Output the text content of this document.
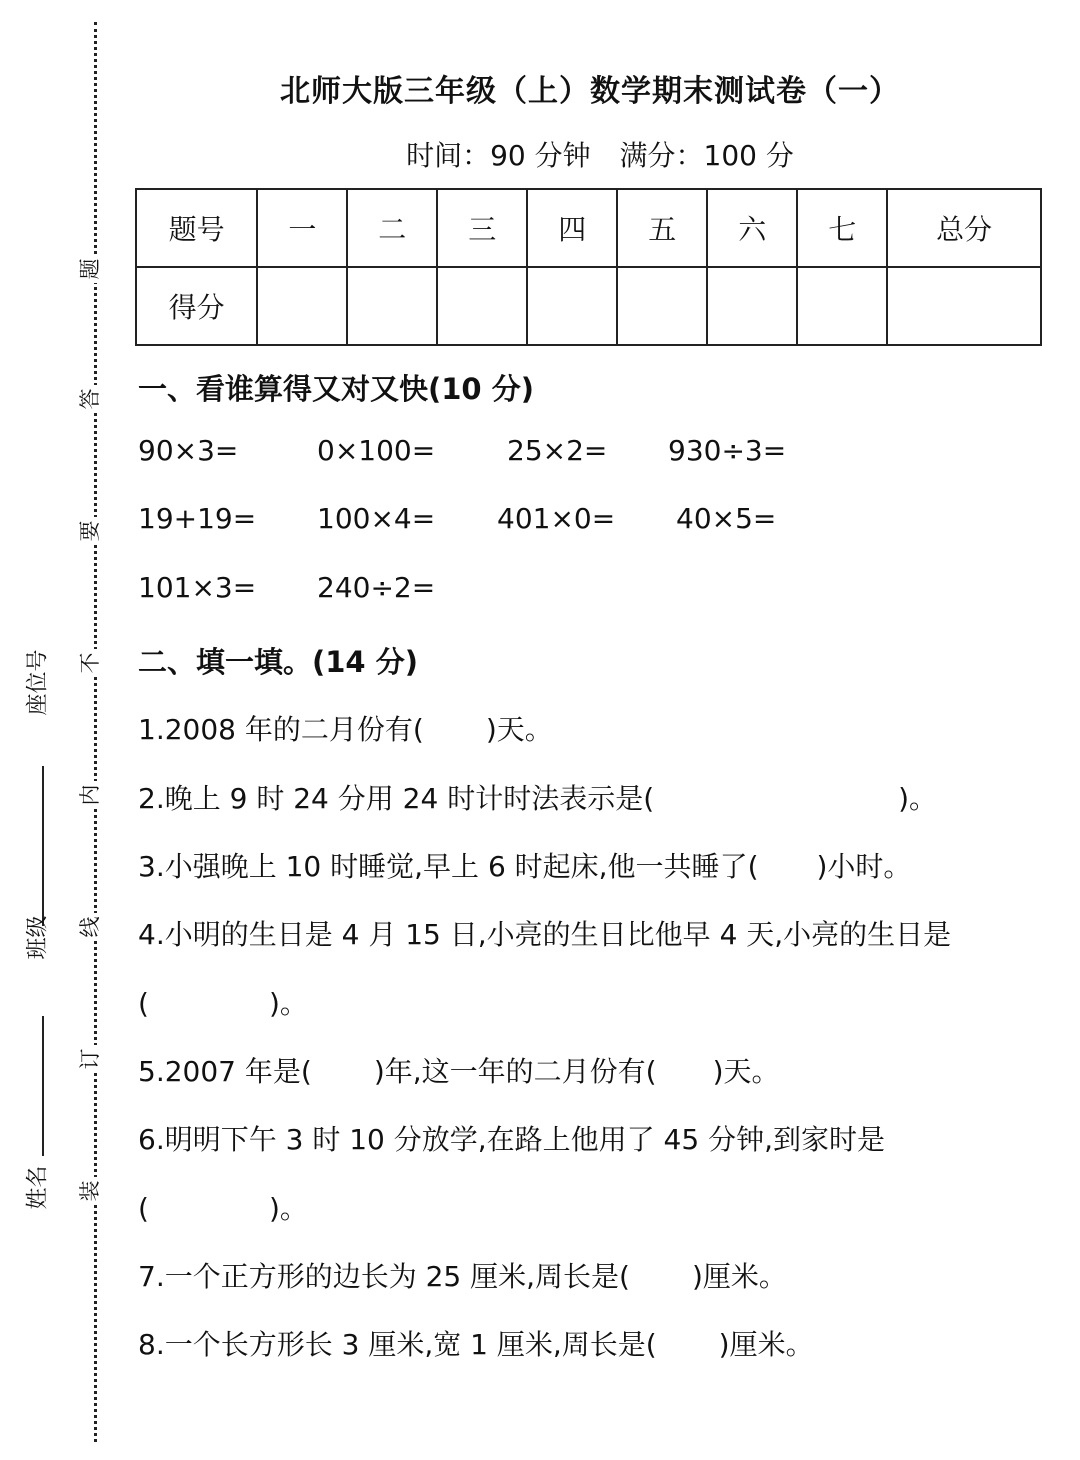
题
答
要
不
内
线
订
装
座位号
班级
姓名
北师大版三年级（上）数学期末测试卷（一）
时间：90 分钟 满分：100 分
题号	一	二	三	四	五	六	七	总分
得分								
一、看谁算得又对又快(10 分)
90×3=	0×100=	25×2= 930÷3=
19+19= 100×4= 401×0= 40×5=
101×3= 240÷2=
二、填一填。(14 分)
1.2008 年的二月份有( )天。
2.晚上 9 时 24 分用 24 时计时法表示是(	)。
3.小强晚上 10 时睡觉,早上 6 时起床,他一共睡了( )小时。
4.小明的生日是 4 月 15 日,小亮的生日比他早 4 天,小亮的生日是
(	)。
5.2007 年是( )年,这一年的二月份有( )天。
6.明明下午 3 时 10 分放学,在路上他用了 45 分钟,到家时是
(	)。
7.一个正方形的边长为 25 厘米,周长是( )厘米。
8.一个长方形长 3 厘米,宽 1 厘米,周长是( )厘米。
